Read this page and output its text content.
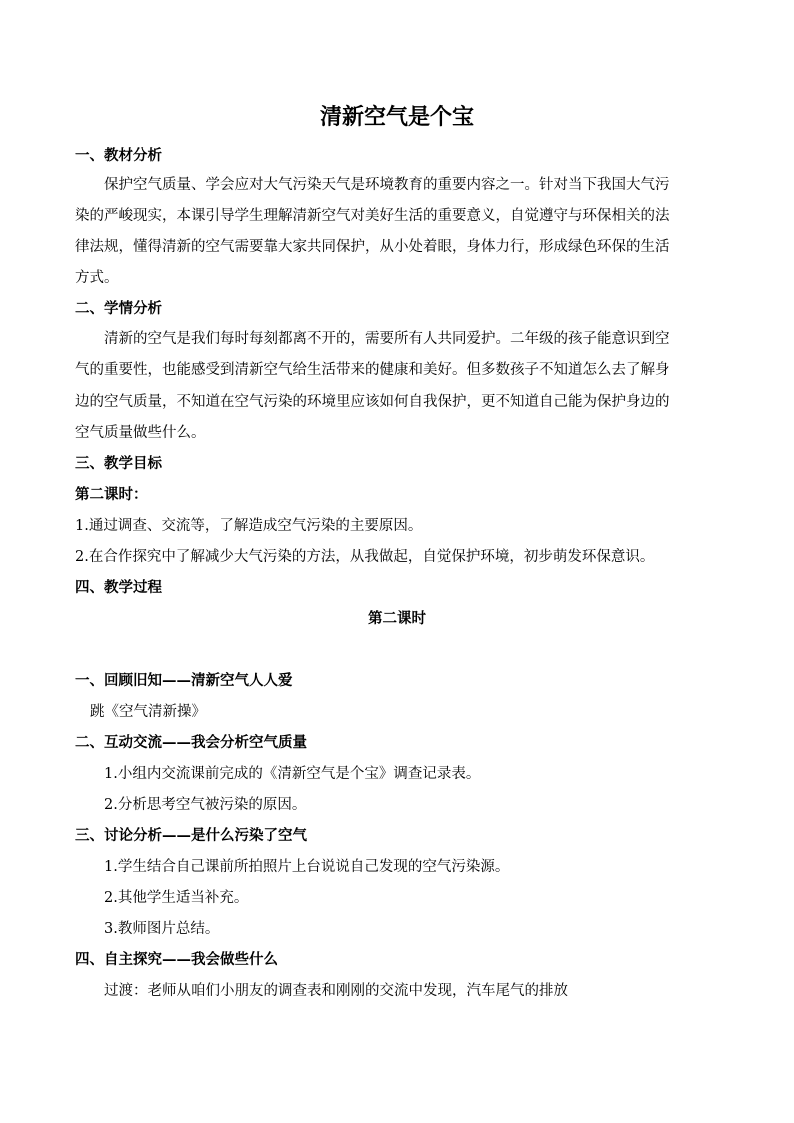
清新空气是个宝
一、教材分析
保护空气质量、学会应对大气污染天气是环境教育的重要内容之一。针对当下我国大气污
染的严峻现实，本课引导学生理解清新空气对美好生活的重要意义，自觉遵守与环保相关的法
律法规，懂得清新的空气需要靠大家共同保护，从小处着眼，身体力行，形成绿色环保的生活
方式。
二、学情分析
清新的空气是我们每时每刻都离不开的，需要所有人共同爱护。二年级的孩子能意识到空
气的重要性，也能感受到清新空气给生活带来的健康和美好。但多数孩子不知道怎么去了解身
边的空气质量，不知道在空气污染的环境里应该如何自我保护，更不知道自己能为保护身边的
空气质量做些什么。
三、教学目标
第二课时：
1.通过调查、交流等，了解造成空气污染的主要原因。
2.在合作探究中了解减少大气污染的方法，从我做起，自觉保护环境，初步萌发环保意识。
四、教学过程
第二课时
一、回顾旧知——清新空气人人爱
跳《空气清新操》
二、互动交流——我会分析空气质量
1.小组内交流课前完成的《清新空气是个宝》调查记录表。
2.分析思考空气被污染的原因。
三、讨论分析——是什么污染了空气
1.学生结合自己课前所拍照片上台说说自己发现的空气污染源。
2.其他学生适当补充。
3.教师图片总结。
四、自主探究——我会做些什么
过渡：老师从咱们小朋友的调查表和刚刚的交流中发现，汽车尾气的排放
